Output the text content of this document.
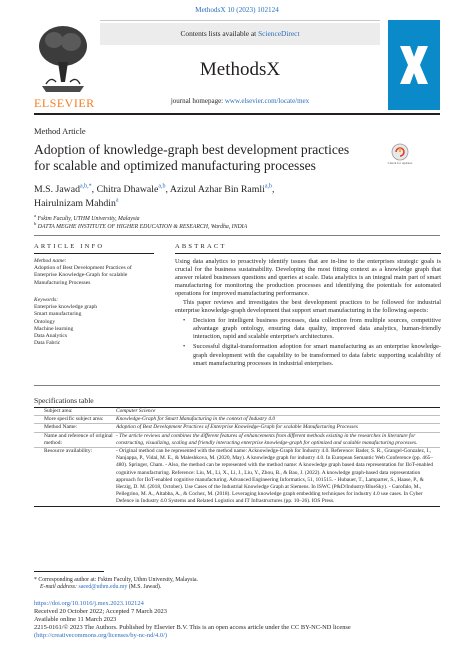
MethodsX 10 (2023) 102124
ELSEVIER
Contents lists available at ScienceDirect
MethodsX
journal homepage: www.elsevier.com/locate/mex
Method Article
Adoption of knowledge-graph best development practices for scalable and optimized manufacturing processes	Check for updates
M.S. Jawad$^{a,b,*}$, Chitra Dhawale$^{a,b}$, Azizul Azhar Bin Ramli$^{a,b}$,
Hairulnizam Mahdin$^a$
$^a$ Fsktm Faculty, UTHM University, Malaysia
$^b$ DATTA MEGHE INSTITUTE OF HIGHER EDUCATION & RESEARCH, Wardha, INDIA
ARTICLE INFO	ABSTRACT
Method name:
Adoption of Best Development Practices of Enterprise Knowledge-Graph for scalable Manufacturing Processes
Keywords:
Enterprise knowledge graph
Smart manufacturing
Ontology
Machine learning
Data Analytics
Data Fabric

Using data analytics to proactively identify issues that are in-line to the enterprises strategic goals is crucial for the business sustainability. Developing the most fitting context as a knowledge graph that answer related businesses questions and queries at scale. Data analytics is an integral main part of smart manufacturing for monitoring the production processes and identifying the potentials for automated operations for improved manufacturing performance.

This paper reviews and investigates the best development practices to be followed for industrial enterprise knowledge-graph development that support smart manufacturing in the following aspects:

• Decision for intelligent business processes, data collection from multiple sources, competitive advantage graph ontology, ensuring data quality, improved data analytics, human-friendly interaction, rapid and scalable enterprise's architectures.
• Successful digital-transformation adoption for smart manufacturing as an enterprise knowledge-graph development with the capability to be transformed to data fabric supporting scalability of smart manufacturing processes in industrial enterprises.
Specifications table
Subject area:	Computer Science
More specific subject area:	Knowledge-Graph for Smart Manufacturing in the context of Industry 4.0
Method Name:	Adoption of Best Development Practices of Enterprise Knowledge-Graph for scalable Manufacturing Processes
Name and reference of original method:
- The article reviews and combines the different features of enhancements from different methods existing in the researches in literature for constructing, visualizing, scaling and friendly interacting enterprise knowledge-graph for optimized and scalable manufacturing processes.
Resource availability:	- Original method can be represented with the method name: Acknowledge-Graph for Industry 4.0. Reference: Bader, S. R., Grangel-Gonzalez, I., Nanjappa, P., Vidal, M. E., & Maleshkova, M. (2020, May). A knowledge graph for industry 4.0. In European Semantic Web Conference (pp. 465–480). Springer, Cham. - Also, the method can be represented with the method name: A knowledge graph based data representation for IIoT-enabled cognitive manufacturing. Reference: Liu, M., Li, X., Li, J., Liu, Y., Zhou, B., & Bao, J. (2022). A knowledge graph-based data representation approach for IIoT-enabled cognitive manufacturing. Advanced Engineering Informatics, 51, 101515. - Hubauer, T., Lamparter, S., Haase, P., & Herzig, D. M. (2018, October). Use Cases of the Industrial Knowledge Graph at Siemens. In ISWC (P&D/Industry/BlueSky). - Garofalo, M., Pellegrino, M. A., Altabba, A., & Cochez, M. (2018). Leveraging knowledge graph embedding techniques for industry 4.0 use cases. In Cyber Defence in Industry 4.0 Systems and Related Logistics and IT Infrastructures (pp. 10–26). IOS Press.
* Corresponding author at: Fsktm Faculty, Uthm University, Malaysia.
E-mail address: saeed@uthm.edu.my (M.S. Jawad).
https://doi.org/10.1016/j.mex.2023.102124
Received 20 October 2022; Accepted 7 March 2023
Available online 11 March 2023
2215-0161/© 2023 The Authors. Published by Elsevier B.V. This is an open access article under the CC BY-NC-ND license
(http://creativecommons.org/licenses/by-nc-nd/4.0/)
